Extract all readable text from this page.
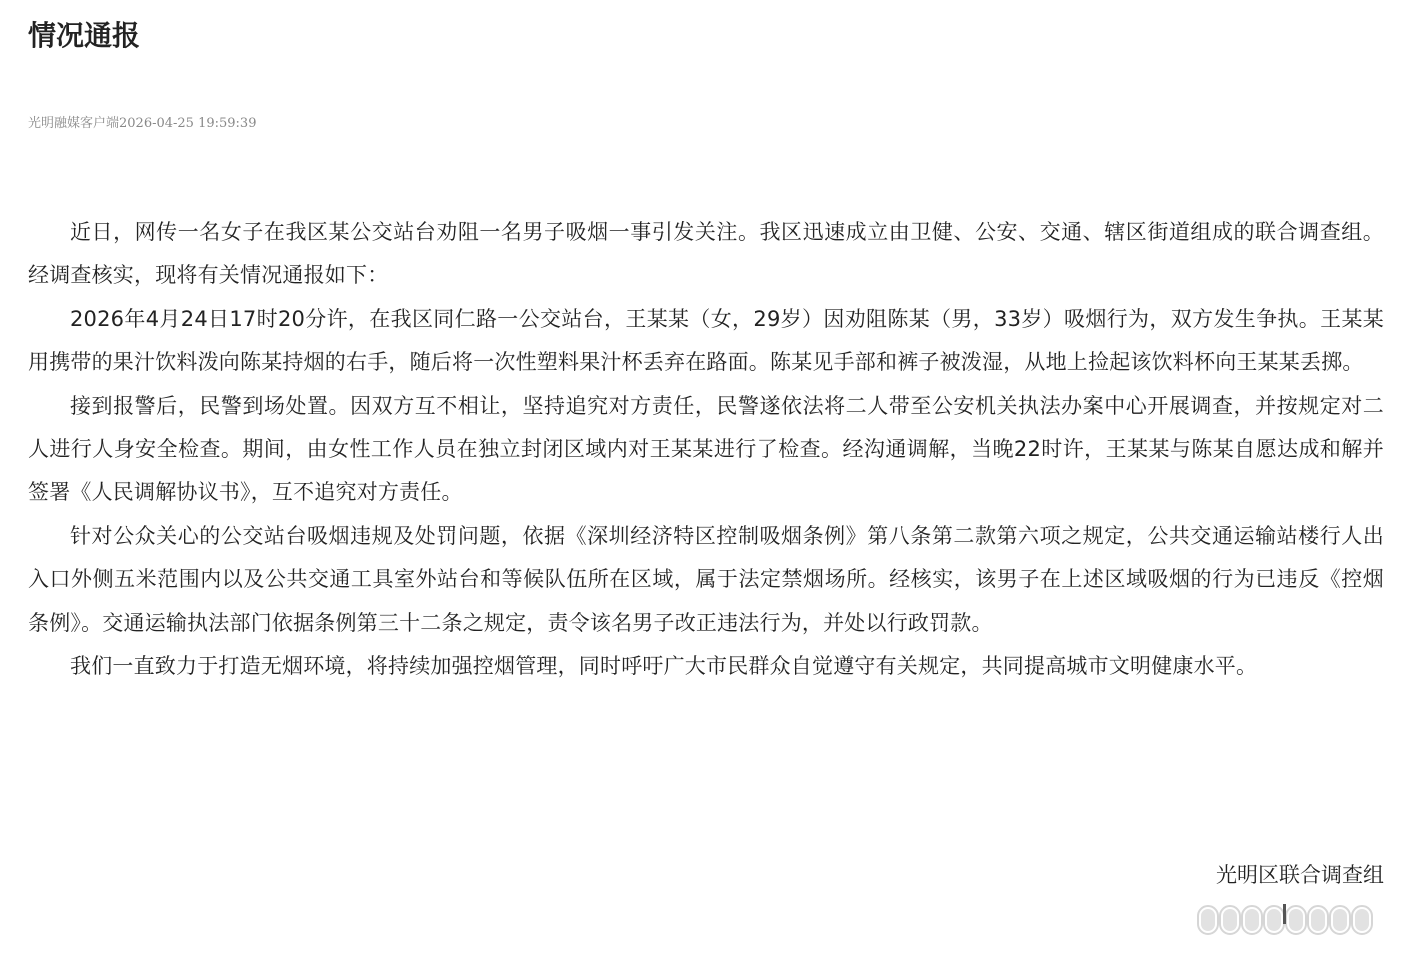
情况通报
光明融媒客户端2026-04-25 19:59:39

近日，网传一名女子在我区某公交站台劝阻一名男子吸烟一事引发关注。我区迅速成立由卫健、公安、交通、辖区街道组成的联合调查组。经调查核实，现将有关情况通报如下：

2026年4月24日17时20分许，在我区同仁路一公交站台，王某某（女，29岁）因劝阻陈某（男，33岁）吸烟行为，双方发生争执。王某某用携带的果汁饮料泼向陈某持烟的右手，随后将一次性塑料果汁杯丢弃在路面。陈某见手部和裤子被泼湿，从地上捡起该饮料杯向王某某丢掷。

接到报警后，民警到场处置。因双方互不相让，坚持追究对方责任，民警遂依法将二人带至公安机关执法办案中心开展调查，并按规定对二人进行人身安全检查。期间，由女性工作人员在独立封闭区域内对王某某进行了检查。经沟通调解，当晚22时许，王某某与陈某自愿达成和解并签署《人民调解协议书》，互不追究对方责任。

针对公众关心的公交站台吸烟违规及处罚问题，依据《深圳经济特区控制吸烟条例》第八条第二款第六项之规定，公共交通运输站楼行人出入口外侧五米范围内以及公共交通工具室外站台和等候队伍所在区域，属于法定禁烟场所。经核实，该男子在上述区域吸烟的行为已违反《控烟条例》。交通运输执法部门依据条例第三十二条之规定，责令该名男子改正违法行为，并处以行政罚款。

我们一直致力于打造无烟环境，将持续加强控烟管理，同时呼吁广大市民群众自觉遵守有关规定，共同提高城市文明健康水平。

光明区联合调查组
